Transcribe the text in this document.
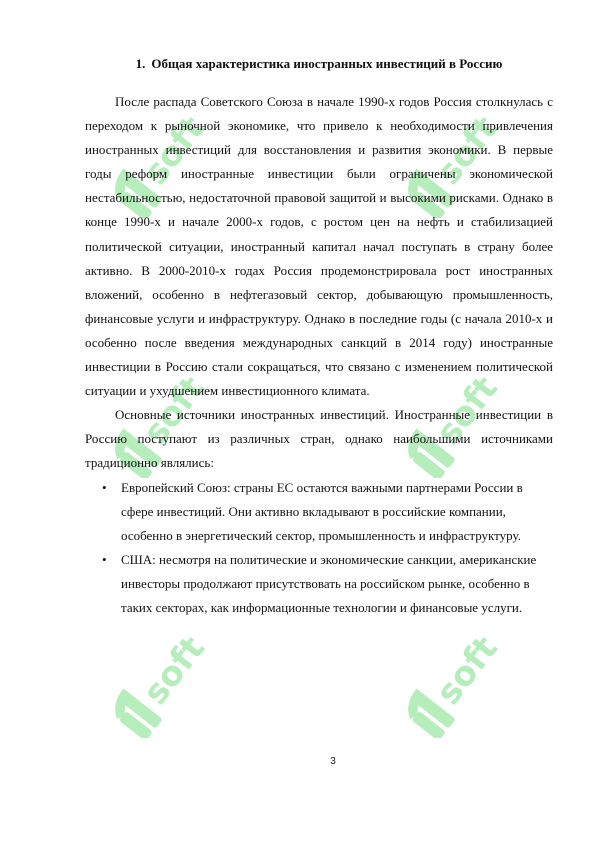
soft	soft
soft	soft
soft	soft
1. Общая характеристика иностранных инвестиций в Россию

После распада Советского Союза в начале 1990-х годов Россия столкнулась с переходом к рыночной экономике, что привело к необходимости привлечения иностранных инвестиций для восстановления и развития экономики. В первые годы реформ иностранные инвестиции были ограничены экономической нестабильностью, недостаточной правовой защитой и высокими рисками. Однако в конце 1990-х и начале 2000-х годов, с ростом цен на нефть и стабилизацией политической ситуации, иностранный капитал начал поступать в страну более активно. В 2000-2010-х годах Россия продемонстрировала рост иностранных вложений, особенно в нефтегазовый сектор, добывающую промышленность, финансовые услуги и инфраструктуру. Однако в последние годы (с начала 2010-х и особенно после введения международных санкций в 2014 году) иностранные инвестиции в Россию стали сокращаться, что связано с изменением политической ситуации и ухудшением инвестиционного климата.

Основные источники иностранных инвестиций. Иностранные инвестиции в Россию поступают из различных стран, однако наибольшими источниками традиционно являлись:

• Европейский Союз: страны ЕС остаются важными партнерами России в сфере инвестиций. Они активно вкладывают в российские компании, особенно в энергетический сектор, промышленность и инфраструктуру.
• США: несмотря на политические и экономические санкции, американские инвесторы продолжают присутствовать на российском рынке, особенно в таких секторах, как информационные технологии и финансовые услуги.
3
